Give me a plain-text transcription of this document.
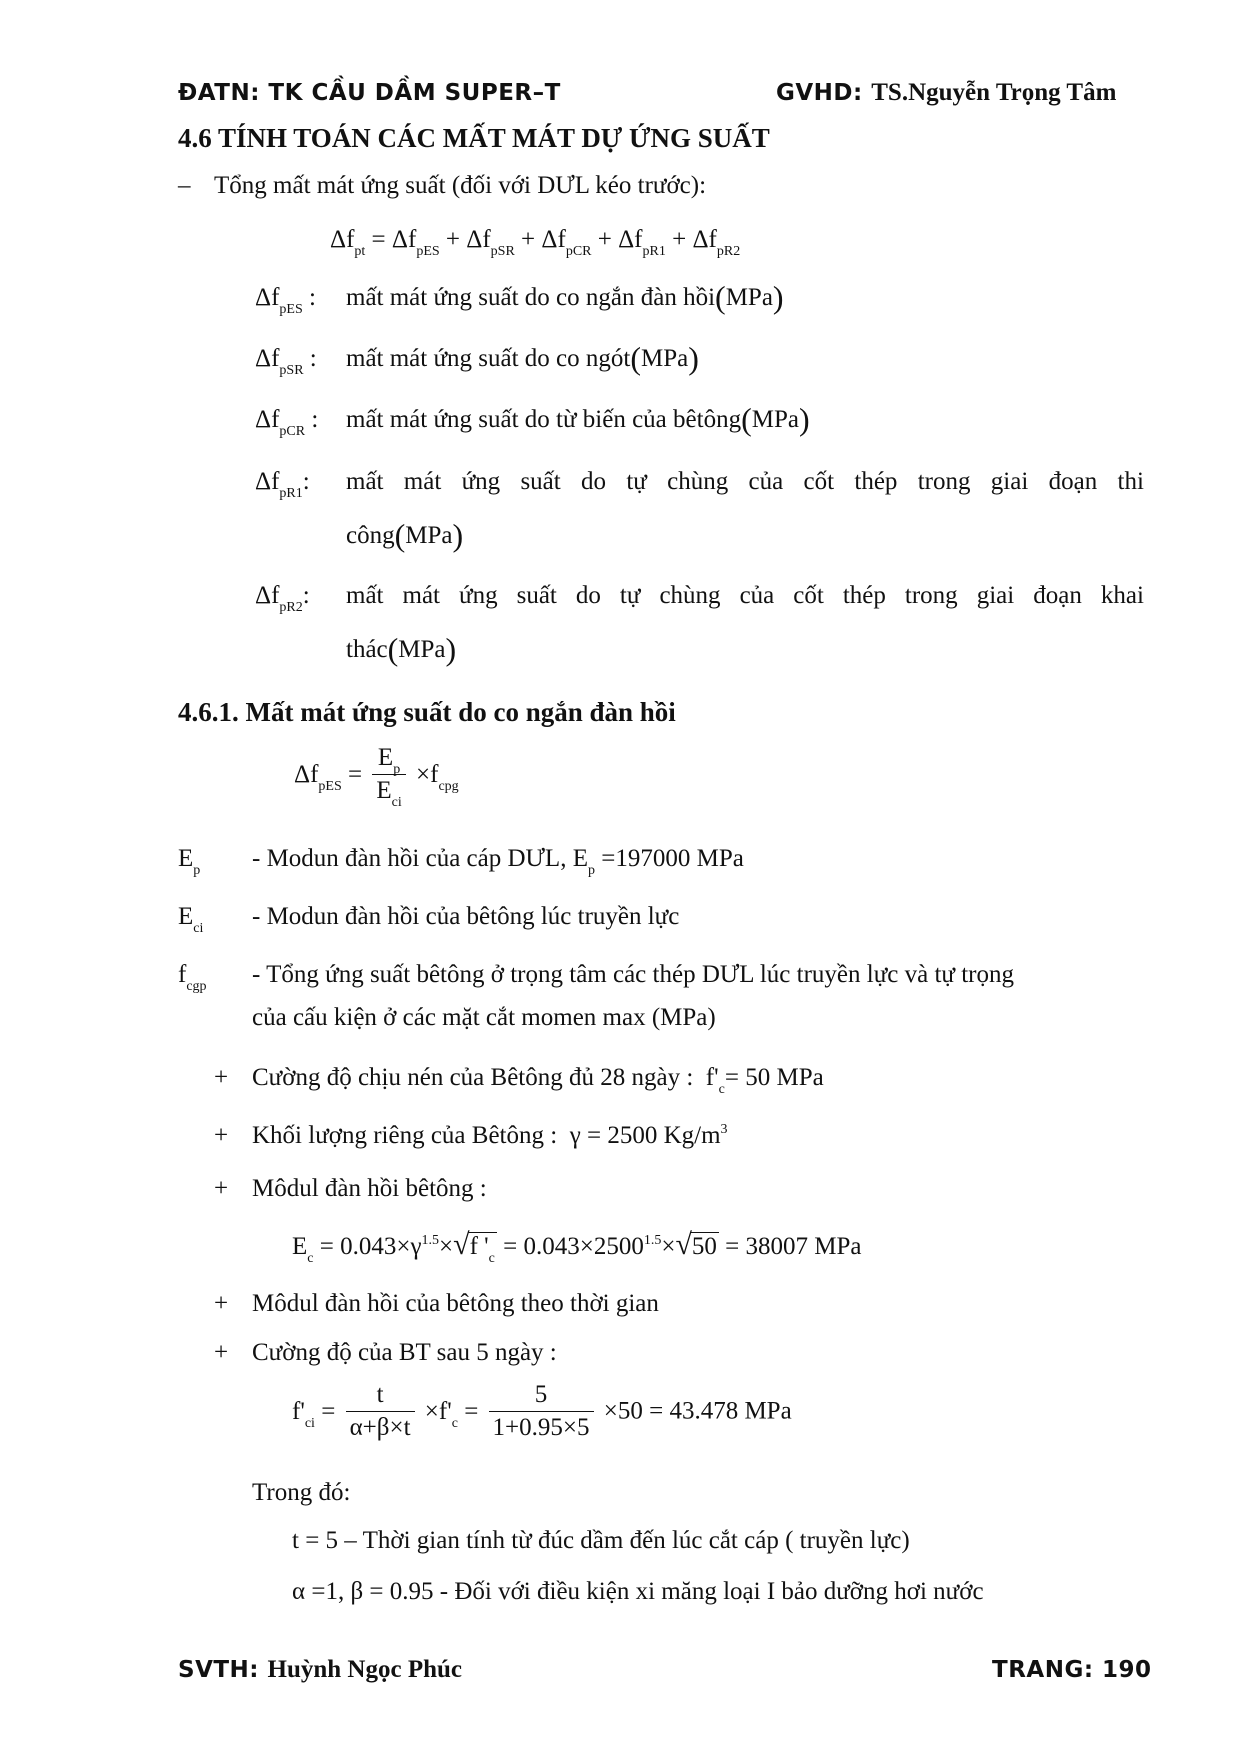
ĐATN: TK CẦU DẦM SUPER–T	GVHD: TS.Nguyễn Trọng Tâm
4.6 TÍNH TOÁN CÁC MẤT MÁT DỰ ỨNG SUẤT
– Tổng mất mát ứng suất (đối với DƯL kéo trước):
$\Delta f_{pt} = \Delta f_{pES} + \Delta f_{pSR} + \Delta f_{pCR} + \Delta f_{pR1} + \Delta f_{pR2}$
$\Delta f_{pES}$ : mất mát ứng suất do co ngắn đàn hồi(MPa)
$\Delta f_{pSR}$ : mất mát ứng suất do co ngót(MPa)
$\Delta f_{pCR}$ : mất mát ứng suất do từ biến của bêtông(MPa)
$\Delta f_{pR1}$: mất mát ứng suất do tự chùng của cốt thép trong giai đoạn thi
công(MPa)
$\Delta f_{pR2}$: mất mát ứng suất do tự chùng của cốt thép trong giai đoạn khai
thác(MPa)
4.6.1. Mất mát ứng suất do co ngắn đàn hồi
$\Delta f_{pES} = \frac{E_p}{E_{ci}} \times f_{cpg}$
$E_p$ - Modun đàn hồi của cáp DƯL, $E_p =197000$ MPa
$E_{ci}$ - Modun đàn hồi của bêtông lúc truyền lực
$f_{cgp}$ - Tổng ứng suất bêtông ở trọng tâm các thép DƯL lúc truyền lực và tự trọng
của cấu kiện ở các mặt cắt momen max (MPa)
+ Cường độ chịu nén của Bêtông đủ 28 ngày : $f'_c= 50$ MPa
+ Khối lượng riêng của Bêtông : γ = 2500 $Kg/m^3$
+ Môdul đàn hồi bêtông :
$E_c = 0.043\times\gamma^{1.5}\times√f$ '$_c = 0.043\times 2500^{1.5}\times√50 = 38007$ MPa
+ Môdul đàn hồi của bêtông theo thời gian
+ Cường độ của BT sau 5 ngày :
$f'_{ci} = \frac{t}{\alpha+\beta\times t} \times f'_c = \frac{5}{1+0.95\times 5} \times 50 = 43.478$ MPa
Trong đó:
t = 5 – Thời gian tính từ đúc dầm đến lúc cắt cáp ( truyền lực)
α =1, β = 0.95 - Đối với điều kiện xi măng loại I bảo dưỡng hơi nước
SVTH: Huỳnh Ngọc Phúc	TRANG: 190
